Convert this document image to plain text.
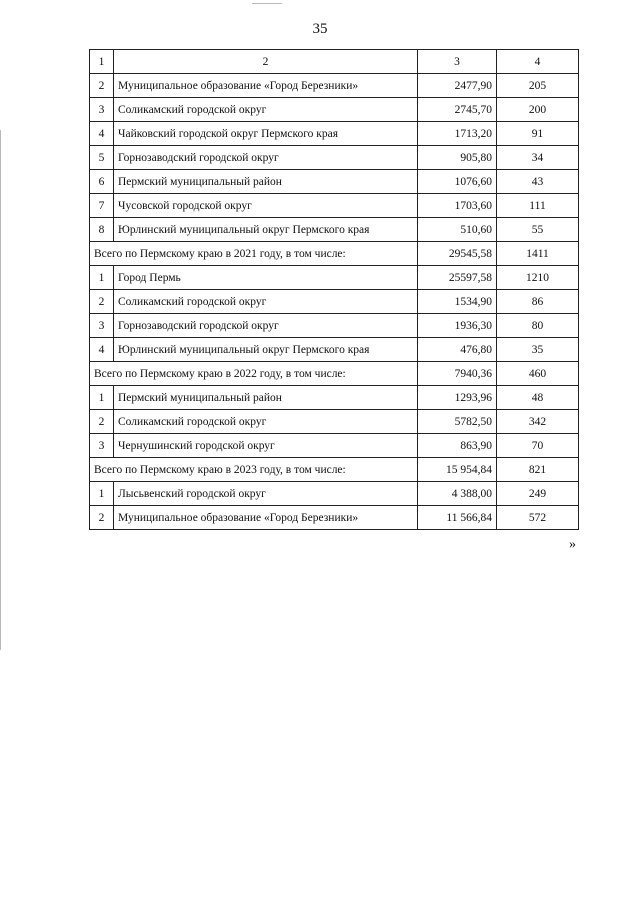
35
1	2	3	4
2	Муниципальное образование «Город Березники»	2477,90	205
3	Соликамский городской округ	2745,70	200
4	Чайковский городской округ Пермского края	1713,20	91
5	Горнозаводский городской округ	905,80	34
6	Пермский муниципальный район	1076,60	43
7	Чусовской городской округ	1703,60	111
8	Юрлинский муниципальный округ Пермского края	510,60	55
Всего по Пермскому краю в 2021 году, в том числе:		29545,58	1411
1	Город Пермь	25597,58	1210
2	Соликамский городской округ	1534,90	86
3	Горнозаводский городской округ	1936,30	80
4	Юрлинский муниципальный округ Пермского края	476,80	35
Всего по Пермскому краю в 2022 году, в том числе:		7940,36	460
1	Пермский муниципальный район	1293,96	48
2	Соликамский городской округ	5782,50	342
3	Чернушинский городской округ	863,90	70
Всего по Пермскому краю в 2023 году, в том числе:		15 954,84	821
1	Лысьвенский городской округ	4 388,00	249
2	Муниципальное образование «Город Березники»	11 566,84	572
»
